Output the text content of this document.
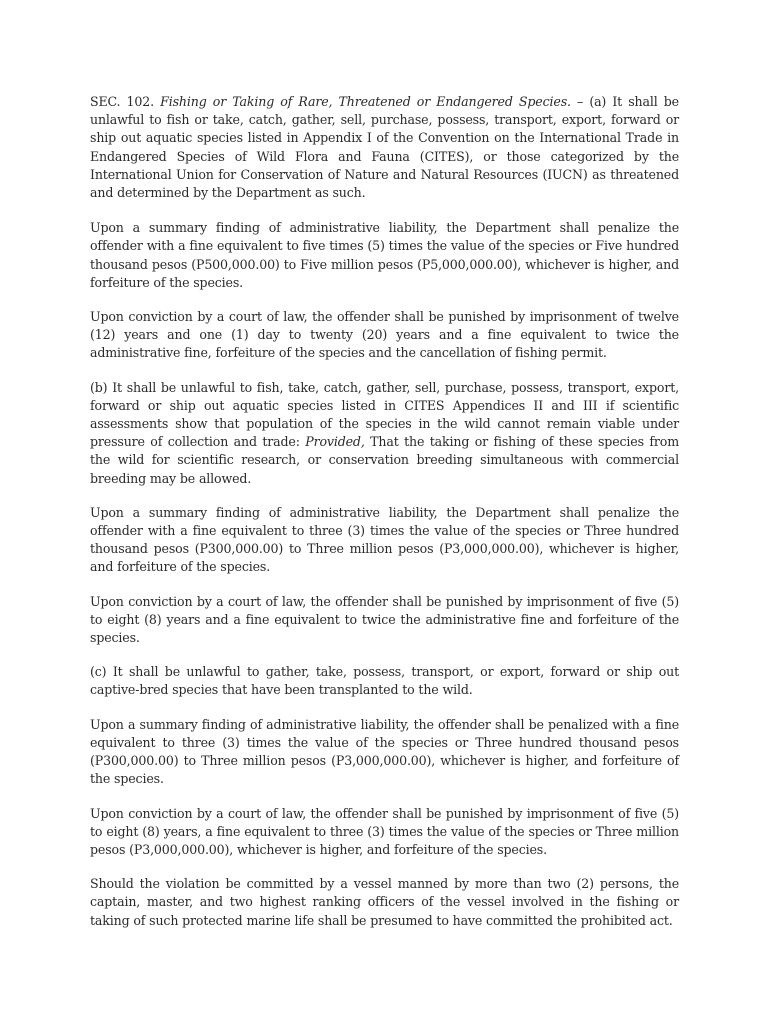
SEC. 102. Fishing or Taking of Rare, Threatened or Endangered Species. – (a) It shall be unlawful to fish or take, catch, gather, sell, purchase, possess, transport, export, forward or ship out aquatic species listed in Appendix I of the Convention on the International Trade in Endangered Species of Wild Flora and Fauna (CITES), or those categorized by the International Union for Conservation of Nature and Natural Resources (IUCN) as threatened and determined by the Department as such.

Upon a summary finding of administrative liability, the Department shall penalize the offender with a fine equivalent to five times (5) times the value of the species or Five hundred thousand pesos (P500,000.00) to Five million pesos (P5,000,000.00), whichever is higher, and forfeiture of the species.

Upon conviction by a court of law, the offender shall be punished by imprisonment of twelve (12) years and one (1) day to twenty (20) years and a fine equivalent to twice the administrative fine, forfeiture of the species and the cancellation of fishing permit.

(b) It shall be unlawful to fish, take, catch, gather, sell, purchase, possess, transport, export, forward or ship out aquatic species listed in CITES Appendices II and III if scientific assessments show that population of the species in the wild cannot remain viable under pressure of collection and trade: Provided, That the taking or fishing of these species from the wild for scientific research, or conservation breeding simultaneous with commercial breeding may be allowed.

Upon a summary finding of administrative liability, the Department shall penalize the offender with a fine equivalent to three (3) times the value of the species or Three hundred thousand pesos (P300,000.00) to Three million pesos (P3,000,000.00), whichever is higher, and forfeiture of the species.

Upon conviction by a court of law, the offender shall be punished by imprisonment of five (5) to eight (8) years and a fine equivalent to twice the administrative fine and forfeiture of the species.

(c) It shall be unlawful to gather, take, possess, transport, or export, forward or ship out captive-bred species that have been transplanted to the wild.

Upon a summary finding of administrative liability, the offender shall be penalized with a fine equivalent to three (3) times the value of the species or Three hundred thousand pesos (P300,000.00) to Three million pesos (P3,000,000.00), whichever is higher, and forfeiture of the species.

Upon conviction by a court of law, the offender shall be punished by imprisonment of five (5) to eight (8) years, a fine equivalent to three (3) times the value of the species or Three million pesos (P3,000,000.00), whichever is higher, and forfeiture of the species.

Should the violation be committed by a vessel manned by more than two (2) persons, the captain, master, and two highest ranking officers of the vessel involved in the fishing or taking of such protected marine life shall be presumed to have committed the prohibited act.
